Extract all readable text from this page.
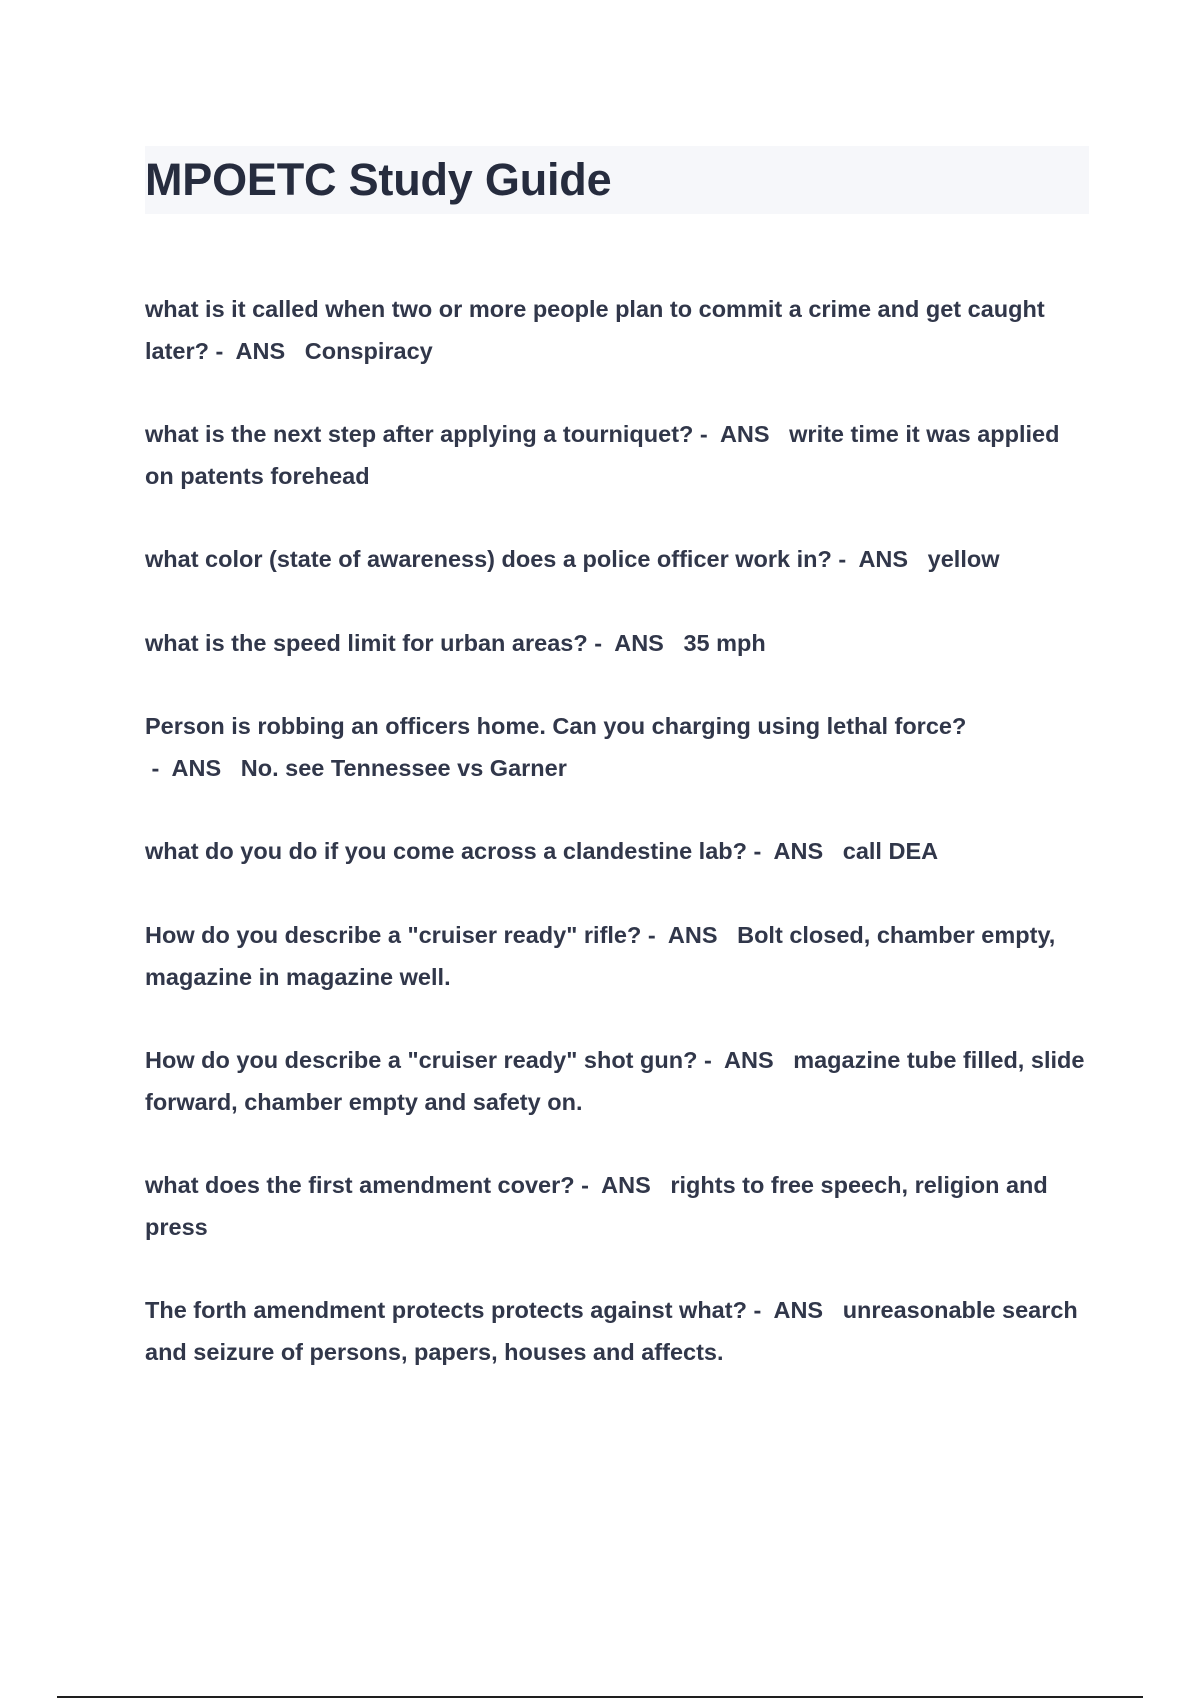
MPOETC Study Guide
what is it called when two or more people plan to commit a crime and get caught later? -  ANS   Conspiracy
what is the next step after applying a tourniquet? -  ANS   write time it was applied on patents forehead
what color (state of awareness) does a police officer work in? -  ANS   yellow
what is the speed limit for urban areas? -  ANS   35 mph
Person is robbing an officers home. Can you charging using lethal force? -  ANS   No. see Tennessee vs Garner
what do you do if you come across a clandestine lab? -  ANS   call DEA
How do you describe a "cruiser ready" rifle? -  ANS   Bolt closed, chamber empty, magazine in magazine well.
How do you describe a "cruiser ready" shot gun? -  ANS   magazine tube filled, slide forward, chamber empty and safety on.
what does the first amendment cover? -  ANS   rights to free speech, religion and press
The forth amendment protects protects against what? -  ANS   unreasonable search and seizure of persons, papers, houses and affects.
